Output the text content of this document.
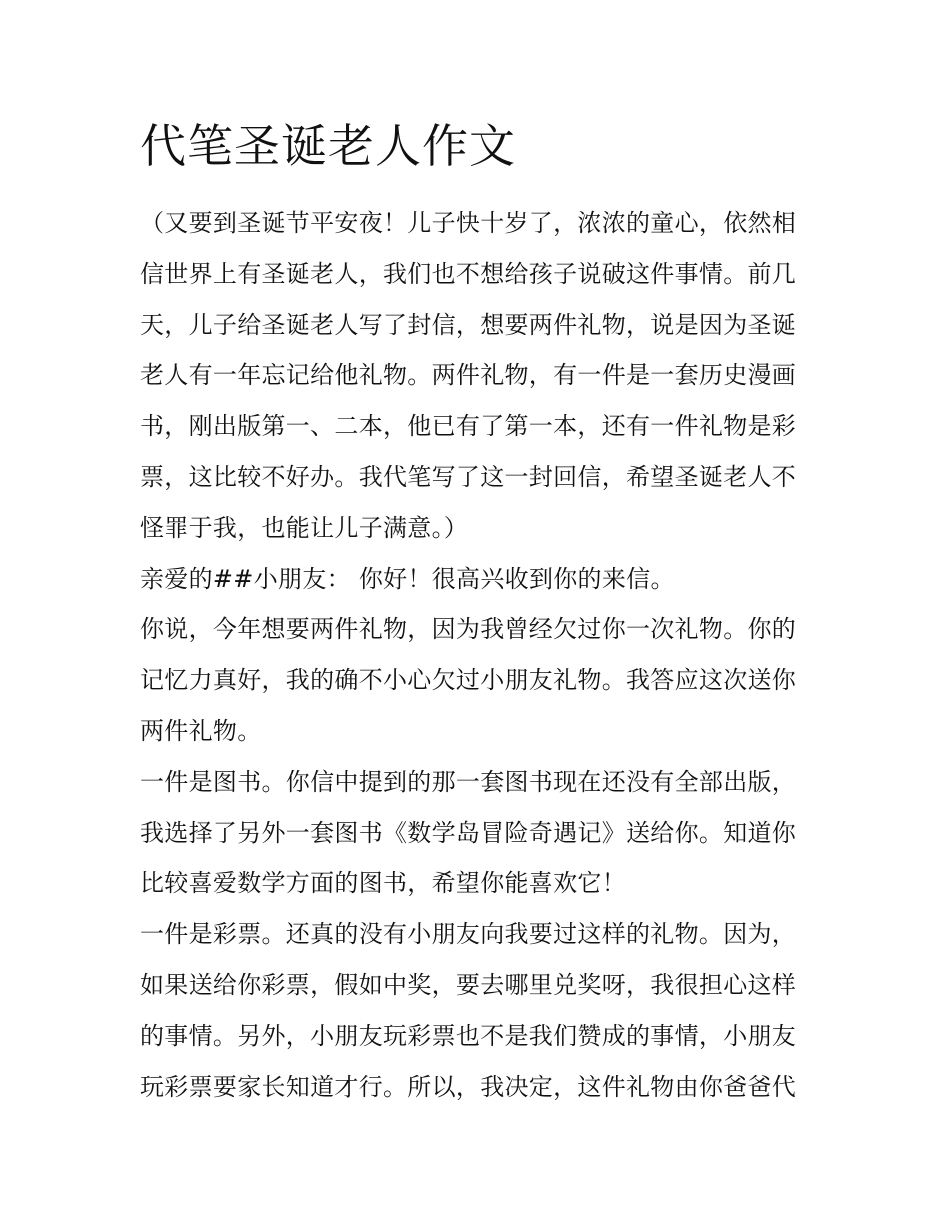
代笔圣诞老人作文
（又要到圣诞节平安夜！儿子快十岁了，浓浓的童心，依然相
信世界上有圣诞老人，我们也不想给孩子说破这件事情。前几
天，儿子给圣诞老人写了封信，想要两件礼物，说是因为圣诞
老人有一年忘记给他礼物。两件礼物，有一件是一套历史漫画
书，刚出版第一、二本，他已有了第一本，还有一件礼物是彩
票，这比较不好办。我代笔写了这一封回信，希望圣诞老人不
怪罪于我，也能让儿子满意。）
亲爱的##小朋友： 你好！很高兴收到你的来信。
你说，今年想要两件礼物，因为我曾经欠过你一次礼物。你的
记忆力真好，我的确不小心欠过小朋友礼物。我答应这次送你
两件礼物。
一件是图书。你信中提到的那一套图书现在还没有全部出版，
我选择了另外一套图书《数学岛冒险奇遇记》送给你。知道你
比较喜爱数学方面的图书，希望你能喜欢它！
一件是彩票。还真的没有小朋友向我要过这样的礼物。因为，
如果送给你彩票，假如中奖，要去哪里兑奖呀，我很担心这样
的事情。另外，小朋友玩彩票也不是我们赞成的事情，小朋友
玩彩票要家长知道才行。所以，我决定，这件礼物由你爸爸代
